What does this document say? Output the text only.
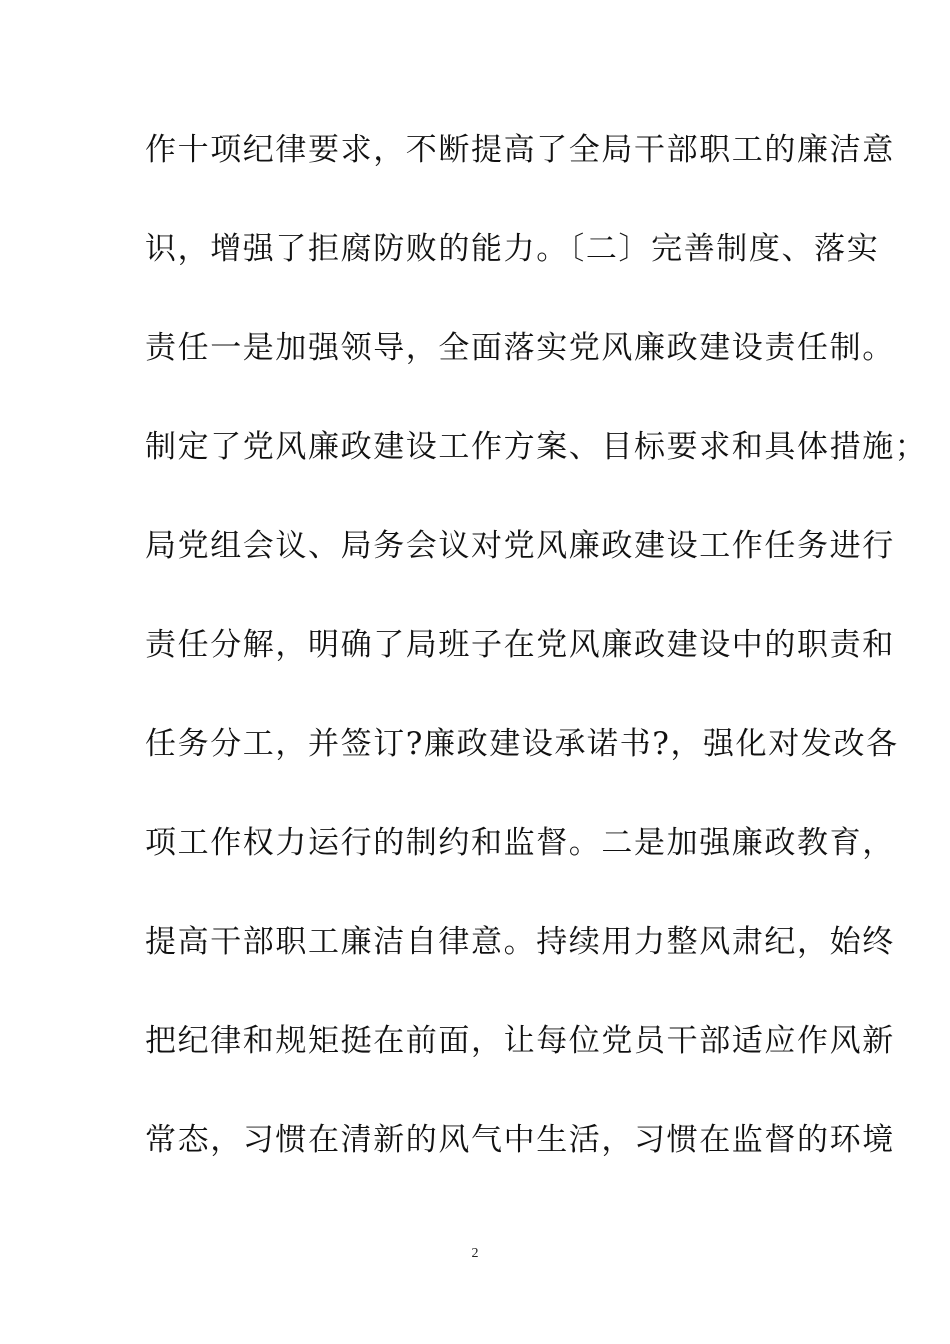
作十项纪律要求，不断提高了全局干部职工的廉洁意
识，增强了拒腐防败的能力。〔二〕完善制度、落实
责任一是加强领导，全面落实党风廉政建设责任制。
制定了党风廉政建设工作方案、目标要求和具体措施；
局党组会议、局务会议对党风廉政建设工作任务进行
责任分解，明确了局班子在党风廉政建设中的职责和
任务分工，并签订?廉政建设承诺书?，强化对发改各
项工作权力运行的制约和监督。二是加强廉政教育，
提高干部职工廉洁自律意。持续用力整风肃纪，始终
把纪律和规矩挺在前面，让每位党员干部适应作风新
常态，习惯在清新的风气中生活，习惯在监督的环境
2
